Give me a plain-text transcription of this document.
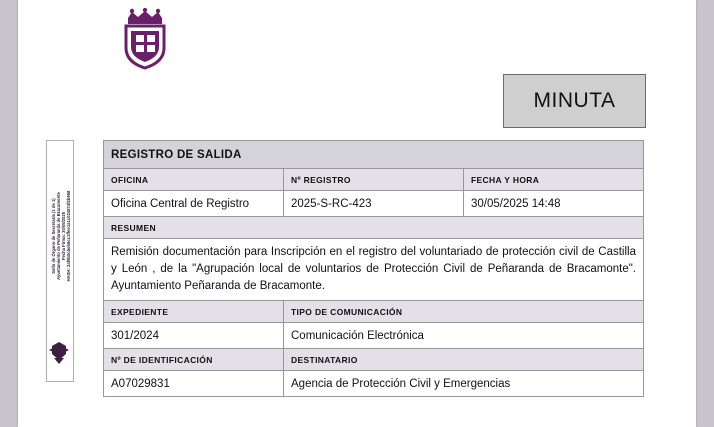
MINUTA
Sello de Órgano de Secretaría (1 de 1) Ayuntamiento de Peñaranda de Bracamonte Fecha Firma: 30/05/2025 HASH: 2af9b0cbeb8cc1ffee1a1c024874f2b968
REGISTRO DE SALIDA		
OFICINA	Nº REGISTRO	FECHA Y HORA
Oficina Central de Registro	2025-S-RC-423	30/05/2025 14:48
RESUMEN		
Remisión documentación para Inscripción en el registro del voluntariado de protección civil de Castilla y León , de la "Agrupación local de voluntarios de Protección Civil de Peñaranda de Bracamonte". Ayuntamiento Peñaranda de Bracamonte.		
EXPEDIENTE	TIPO DE COMUNICACIÓN	
301/2024	Comunicación Electrónica	
Nº DE IDENTIFICACIÓN	DESTINATARIO	
A07029831	Agencia de Protección Civil y Emergencias	
